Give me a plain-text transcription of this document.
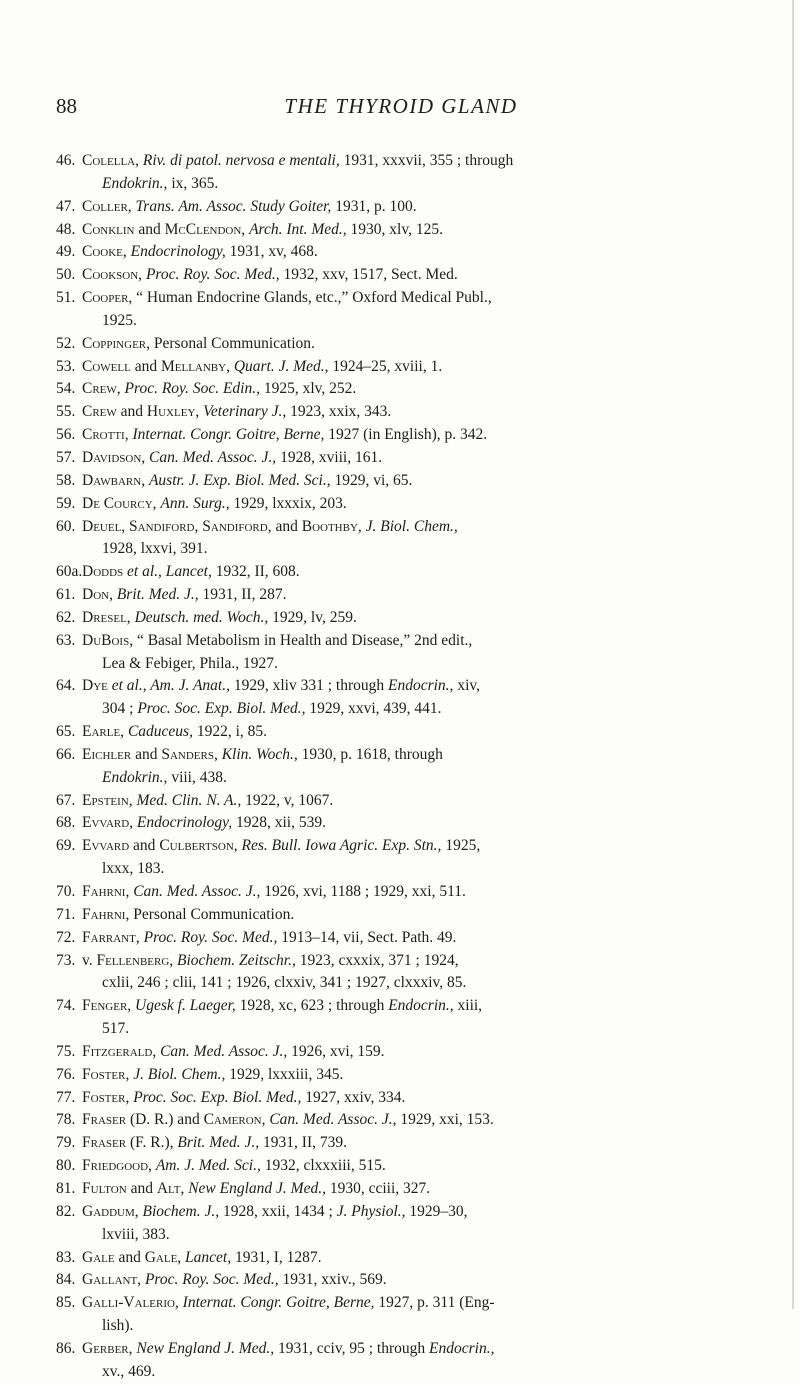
88	THE THYROID GLAND
46. Colella, Riv. di patol. nervosa e mentali, 1931, xxxvii, 355 ; through
Endokrin., ix, 365.
47. Coller, Trans. Am. Assoc. Study Goiter, 1931, p. 100.
48. Conklin and McClendon, Arch. Int. Med., 1930, xlv, 125.
49. Cooke, Endocrinology, 1931, xv, 468.
50. Cookson, Proc. Roy. Soc. Med., 1932, xxv, 1517, Sect. Med.
51. Cooper, “ Human Endocrine Glands, etc.,” Oxford Medical Publ.,
1925.
52. Coppinger, Personal Communication.
53. Cowell and Mellanby, Quart. J. Med., 1924–25, xviii, 1.
54. Crew, Proc. Roy. Soc. Edin., 1925, xlv, 252.
55. Crew and Huxley, Veterinary J., 1923, xxix, 343.
56. Crotti, Internat. Congr. Goitre, Berne, 1927 (in English), p. 342.
57. Davidson, Can. Med. Assoc. J., 1928, xviii, 161.
58. Dawbarn, Austr. J. Exp. Biol. Med. Sci., 1929, vi, 65.
59. De Courcy, Ann. Surg., 1929, lxxxix, 203.
60. Deuel, Sandiford, Sandiford, and Boothby, J. Biol. Chem.,
1928, lxxvi, 391.
60a. Dodds et al., Lancet, 1932, II, 608.
61. Don, Brit. Med. J., 1931, II, 287.
62. Dresel, Deutsch. med. Woch., 1929, lv, 259.
63. DuBois, “ Basal Metabolism in Health and Disease,” 2nd edit.,
Lea & Febiger, Phila., 1927.
64. Dye et al., Am. J. Anat., 1929, xliv 331 ; through Endocrin., xiv,
304 ; Proc. Soc. Exp. Biol. Med., 1929, xxvi, 439, 441.
65. Earle, Caduceus, 1922, i, 85.
66. Eichler and Sanders, Klin. Woch., 1930, p. 1618, through
Endokrin., viii, 438.
67. Epstein, Med. Clin. N. A., 1922, v, 1067.
68. Evvard, Endocrinology, 1928, xii, 539.
69. Evvard and Culbertson, Res. Bull. Iowa Agric. Exp. Stn., 1925,
lxxx, 183.
70. Fahrni, Can. Med. Assoc. J., 1926, xvi, 1188 ; 1929, xxi, 511.
71. Fahrni, Personal Communication.
72. Farrant, Proc. Roy. Soc. Med., 1913–14, vii, Sect. Path. 49.
73. v. Fellenberg, Biochem. Zeitschr., 1923, cxxxix, 371 ; 1924,
cxlii, 246 ; clii, 141 ; 1926, clxxiv, 341 ; 1927, clxxxiv, 85.
74. Fenger, Ugesk f. Laeger, 1928, xc, 623 ; through Endocrin., xiii,
517.
75. Fitzgerald, Can. Med. Assoc. J., 1926, xvi, 159.
76. Foster, J. Biol. Chem., 1929, lxxxiii, 345.
77. Foster, Proc. Soc. Exp. Biol. Med., 1927, xxiv, 334.
78. Fraser (D. R.) and Cameron, Can. Med. Assoc. J., 1929, xxi, 153.
79. Fraser (F. R.), Brit. Med. J., 1931, II, 739.
80. Friedgood, Am. J. Med. Sci., 1932, clxxxiii, 515.
81. Fulton and Alt, New England J. Med., 1930, cciii, 327.
82. Gaddum, Biochem. J., 1928, xxii, 1434 ; J. Physiol., 1929–30,
lxviii, 383.
83. Gale and Gale, Lancet, 1931, I, 1287.
84. Gallant, Proc. Roy. Soc. Med., 1931, xxiv., 569.
85. Galli-Valerio, Internat. Congr. Goitre, Berne, 1927, p. 311 (Eng-
lish).
86. Gerber, New England J. Med., 1931, cciv, 95 ; through Endocrin.,
xv., 469.
